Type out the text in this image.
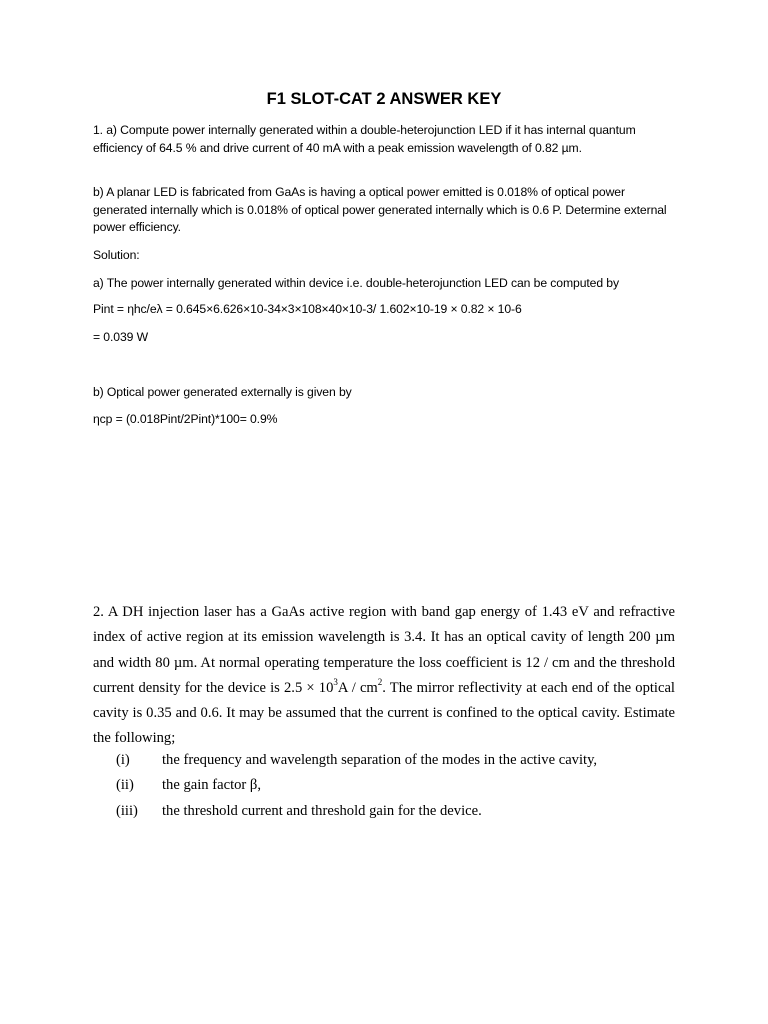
F1 SLOT-CAT 2 ANSWER KEY

1. a) Compute power internally generated within a double-heterojunction LED if it has internal quantum efficiency of 64.5 % and drive current of 40 mA with a peak emission wavelength of 0.82 µm.

b) A planar LED is fabricated from GaAs is having a optical power emitted is 0.018% of optical power generated internally which is 0.018% of optical power generated internally which is 0.6 P. Determine external power efficiency.

Solution:

a) The power internally generated within device i.e. double-heterojunction LED can be computed by

Pint = ηhc/eλ = 0.645×6.626×10-34×3×108×40×10-3/ 1.602×10-19 × 0.82 × 10-6

= 0.039 W

b) Optical power generated externally is given by

ηcp = (0.018Pint/2Pint)*100= 0.9%

2. A DH injection laser has a GaAs active region with band gap energy of 1.43 eV and refractive index of active region at its emission wavelength is 3.4. It has an optical cavity of length 200 µm and width 80 µm. At normal operating temperature the loss coefficient is 12 / cm and the threshold current density for the device is $2.5 \times 10^3A / cm^2$. The mirror reflectivity at each end of the optical cavity is 0.35 and 0.6. It may be assumed that the current is confined to the optical cavity. Estimate the following;

(i) the frequency and wavelength separation of the modes in the active cavity,
(ii) the gain factor β,
(iii) the threshold current and threshold gain for the device.
